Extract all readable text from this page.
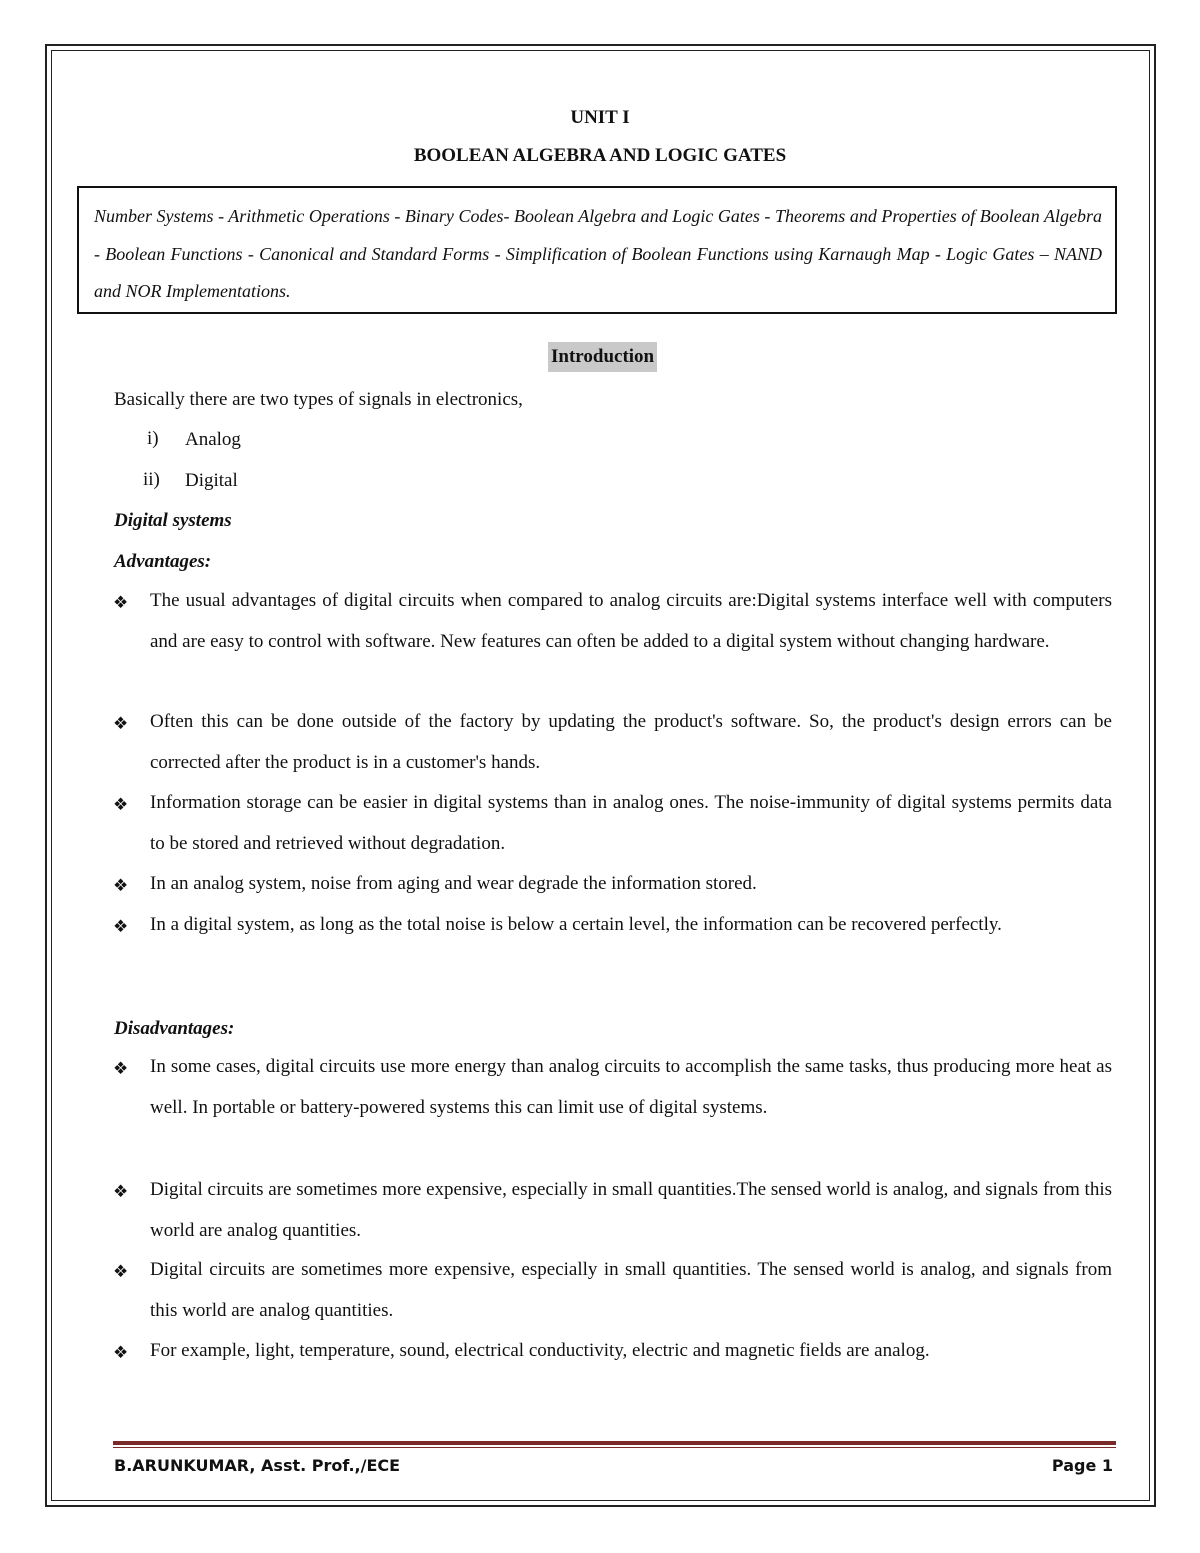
UNIT I
BOOLEAN ALGEBRA AND LOGIC GATES
Number Systems - Arithmetic Operations - Binary Codes- Boolean Algebra and Logic Gates - Theorems and Properties of Boolean Algebra - Boolean Functions - Canonical and Standard Forms - Simplification of Boolean Functions using Karnaugh Map - Logic Gates – NAND and NOR Implementations.
Introduction
Basically there are two types of signals in electronics,
i) Analog
ii) Digital
Digital systems
Advantages:
❖ The usual advantages of digital circuits when compared to analog circuits are:Digital systems interface well with computers and are easy to control with software. New features can often be added to a digital system without changing hardware.
❖ Often this can be done outside of the factory by updating the product's software. So, the product's design errors can be corrected after the product is in a customer's hands.
❖ Information storage can be easier in digital systems than in analog ones. The noise-immunity of digital systems permits data to be stored and retrieved without degradation.
❖ In an analog system, noise from aging and wear degrade the information stored.
❖ In a digital system, as long as the total noise is below a certain level, the information can be recovered perfectly.
Disadvantages:
❖ In some cases, digital circuits use more energy than analog circuits to accomplish the same tasks, thus producing more heat as well. In portable or battery-powered systems this can limit use of digital systems.
❖ Digital circuits are sometimes more expensive, especially in small quantities.The sensed world is analog, and signals from this world are analog quantities.
❖ Digital circuits are sometimes more expensive, especially in small quantities. The sensed world is analog, and signals from this world are analog quantities.
❖ For example, light, temperature, sound, electrical conductivity, electric and magnetic fields are analog.
B.ARUNKUMAR, Asst. Prof.,/ECE	Page 1
